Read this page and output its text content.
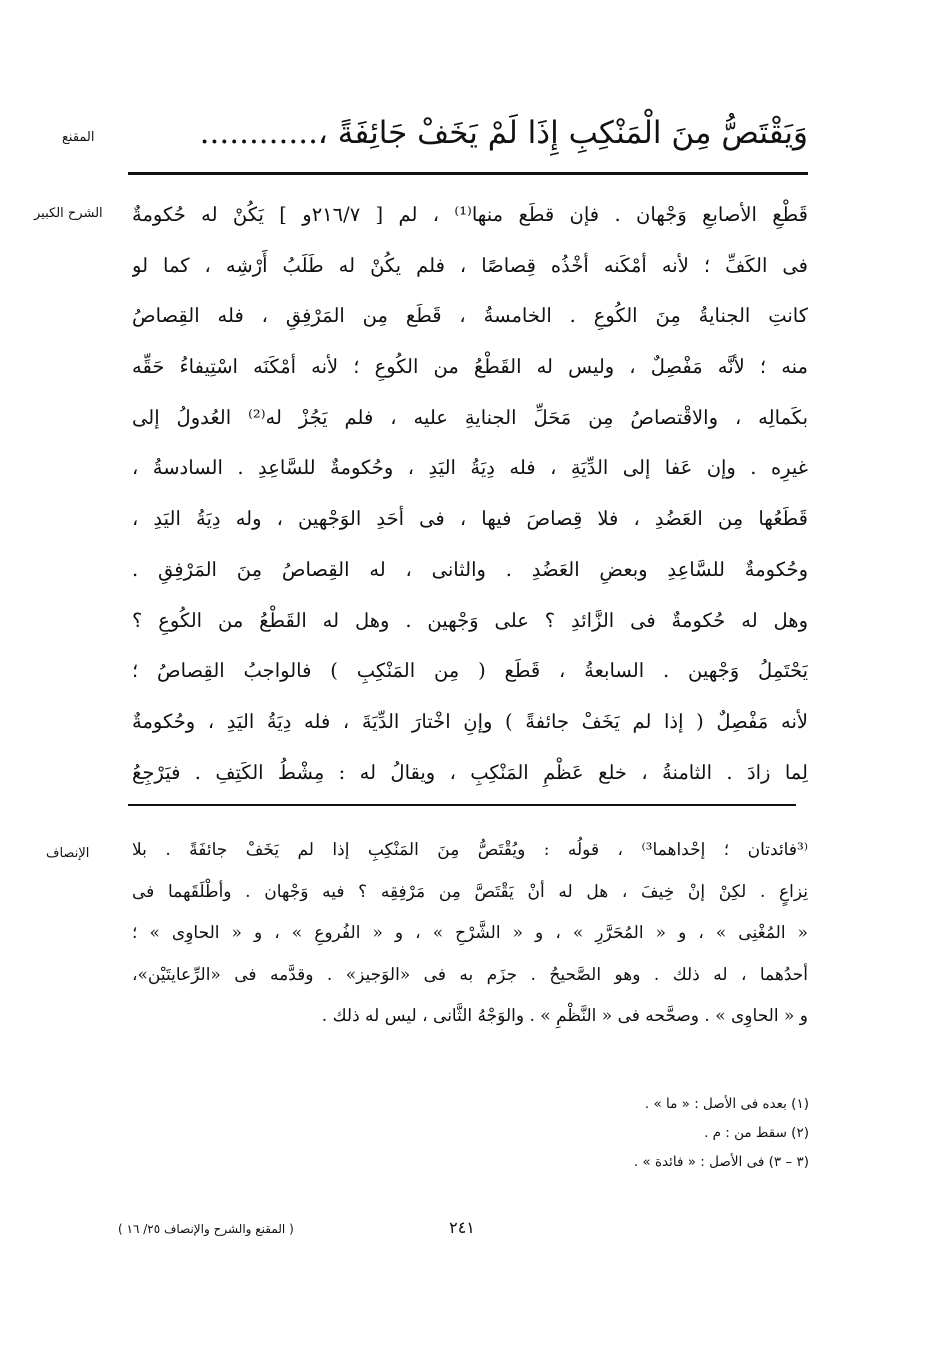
المقنع
الشرح الكبير
الإنصاف
وَيَقْتَصُّ مِنَ الْمَنْكِبِ إِذَا لَمْ يَخَفْ جَائِفَةً ،............
قَطْعِ الأصابعِ وَجْهان . فإن قطَع منها⁽¹⁾ ، لم [ ٢١٦/٧و ] يَكُنْ له حُكومةٌ
فى الكَفِّ ؛ لأنه أمْكَنه أخْذُه قِصاصًا ، فلم يكُنْ له طَلَبُ أَرْشِه ، كما لو
كانتِ الجنايةُ مِنَ الكُوعِ . الخامسةُ ، قَطَع مِن المَرْفِقِ ، فله القِصاصُ
منه ؛ لأنَّه مَفْصِلٌ ، وليس له القَطْعُ من الكُوعِ ؛ لأنه أمْكَنَه اسْتِيفاءُ حَقِّه
بكَمالِه ، والاقْتصاصُ مِن مَحَلِّ الجنايةِ عليه ، فلم يَجُزْ له⁽²⁾ العُدولُ إلى
غيرِه . وإن عَفا إلى الدِّيَةِ ، فله دِيَةُ اليَدِ ، وحُكومةٌ للسَّاعِدِ . السادسةُ ،
قَطَعُها مِن العَضُدِ ، فلا قِصاصَ فيها ، فى أحَدِ الوَجْهين ، وله دِيَةُ اليَدِ ،
وحُكومةٌ للسَّاعِدِ وبعضِ العَضُدِ . والثانى ، له القِصاصُ مِنَ المَرْفِقِ .
وهل له حُكومةٌ فى الزَّائدِ ؟ على وَجْهين . وهل له القَطْعُ من الكُوعِ ؟
يَحْتَمِلُ وَجْهين . السابعةُ ، قَطَع ( مِن المَنْكِبِ ) فالواجبُ القِصاصُ ؛
لأنه مَفْصِلٌ ( إذا لم يَخَفْ جائفةً ) وإنِ اخْتارَ الدِّيَةَ ، فله دِيَةُ اليَدِ ، وحُكومةٌ
لِما زادَ . الثامنةُ ، خلع عَظْمِ المَنْكِبِ ، ويقالُ له : مِشْطُ الكَتِفِ . فيَرْجِعُ
⁽³فائدتان ؛ إحْداهما³⁾ ، قولُه : ويُقْتَصُّ مِنَ المَنْكِبِ إذا لم يَخَفْ جائفَةً . بلا
نِزاعٍ . لكِنْ إنْ خِيفَ ، هل له أنْ يَقْتَصَّ مِن مَرْفِقِه ؟ فيه وَجْهان . وأطْلَقَهما فى
« المُغْنِى » ، و « المُحَرَّرِ » ، و « الشَّرْحِ » ، و « الفُروعِ » ، و « الحاوِى » ؛
أحدُهما ، له ذلك . وهو الصَّحيحُ . جزَم به فى «الوَجيز» . وقدَّمه فى «الرِّعايتَيْن»،
و « الحاوِى » . وصحَّحه فى « النَّظْمِ » . والوَجْهُ الثَّانى ، ليس له ذلك .
(١) بعده فى الأصل : « ما » .
(٢) سقط من : م .
(٣ – ٣) فى الأصل : « فائدة » .
٢٤١
( المقنع والشرح والإنصاف ٢٥/ ١٦ )
